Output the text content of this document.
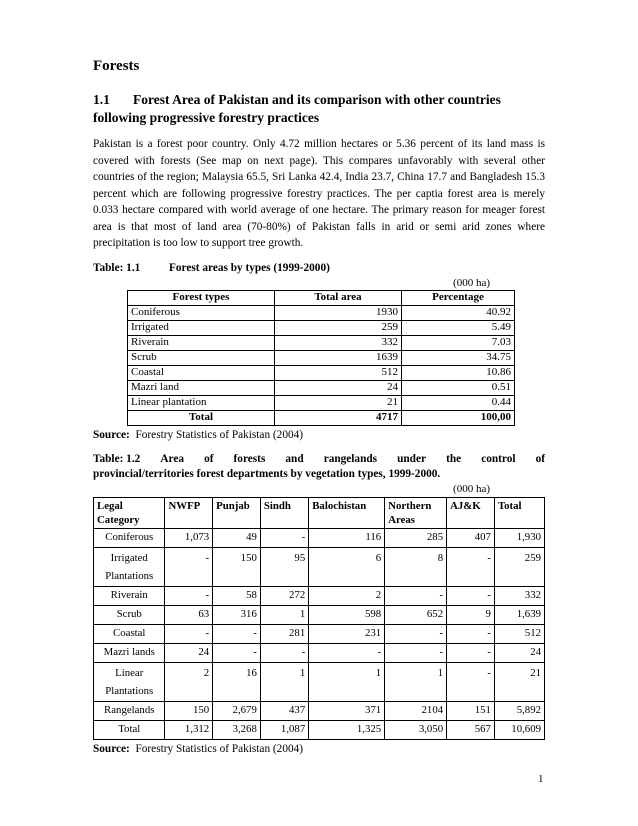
Forests
1.1 Forest Area of Pakistan and its comparison with other countries following progressive forestry practices

Pakistan is a forest poor country. Only 4.72 million hectares or 5.36 percent of its land mass is covered with forests (See map on next page). This compares unfavorably with several other countries of the region; Malaysia 65.5, Sri Lanka 42.4, India 23.7, China 17.7 and Bangladesh 15.3 percent which are following progressive forestry practices. The per captia forest area is merely 0.033 hectare compared with world average of one hectare. The primary reason for meager forest area is that most of land area (70-80%) of Pakistan falls in arid or semi arid zones where precipitation is too low to support tree growth.

Table: 1.1	Forest areas by types (1999-2000)
(000 ha)
Forest types	Total area	Percentage
Coniferous	1930	40.92
Irrigated	259	5.49
Riverain	332	7.03
Scrub	1639	34.75
Coastal	512	10.86
Mazri land	24	0.51
Linear plantation	21	0.44
Total	4717	100,00
Source: Forestry Statistics of Pakistan (2004)
Table: 1.2 Area of forests and rangelands under the control of
provincial/territories forest departments by vegetation types, 1999-2000.
(000 ha)
Legal Category	NWFP	Punjab	Sindh	Balochistan	Northern Areas	AJ&K	Total
Coniferous	1,073	49	-	116	285	407	1,930
Irrigated Plantations	-	150	95	6	8	-	259
Riverain	-	58	272	2	-	-	332
Scrub	63	316	1	598	652	9	1,639
Coastal	-	-	281	231	-	-	512
Mazri lands	24	-	-	-	-	-	24
Linear Plantations	2	16	1	1	1	-	21
Rangelands	150	2,679	437	371	2104	151	5,892
Total	1,312	3,268	1,087	1,325	3,050	567	10,609
Source: Forestry Statistics of Pakistan (2004)
1
